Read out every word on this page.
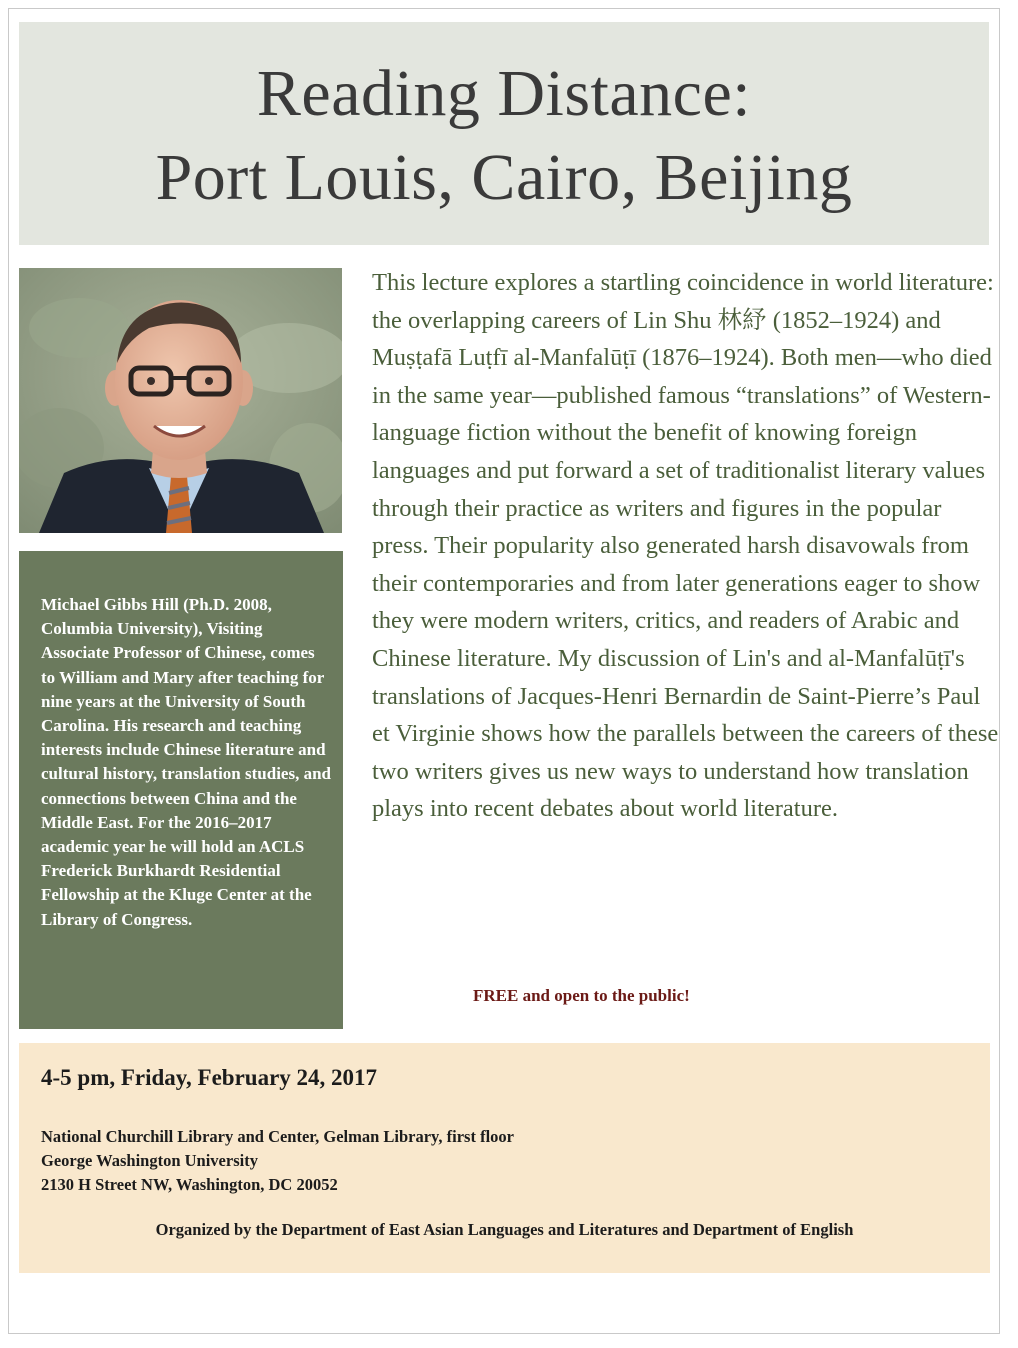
Reading Distance:
Port Louis, Cairo, Beijing
Michael Gibbs Hill (Ph.D. 2008, Columbia University), Visiting Associate Professor of Chinese, comes to William and Mary after teaching for nine years at the University of South Carolina. His research and teaching interests include Chinese literature and cultural history, translation studies, and connections between China and the Middle East. For the 2016–2017 academic year he will hold an ACLS Frederick Burkhardt Residential Fellowship at the Kluge Center at the Library of Congress.
This lecture explores a startling coincidence in world literature: the overlapping careers of Lin Shu 林紓 (1852–1924) and Muṣṭafā Luṭfī al-Manfalūṭī (1876–1924). Both men—who died in the same year—published famous “translations” of Western-language fiction without the benefit of knowing foreign languages and put forward a set of traditionalist literary values through their practice as writers and figures in the popular press. Their popularity also generated harsh disavowals from their contemporaries and from later generations eager to show they were modern writers, critics, and readers of Arabic and Chinese literature. My discussion of Lin's and al-Manfalūṭī's translations of Jacques-Henri Bernardin de Saint-Pierre’s Paul et Virginie shows how the parallels between the careers of these two writers gives us new ways to understand how translation plays into recent debates about world literature.
FREE and open to the public!
4-5 pm, Friday, February 24, 2017
National Churchill Library and Center, Gelman Library, first floor
George Washington University
2130 H Street NW, Washington, DC 20052
Organized by the Department of East Asian Languages and Literatures and Department of English
